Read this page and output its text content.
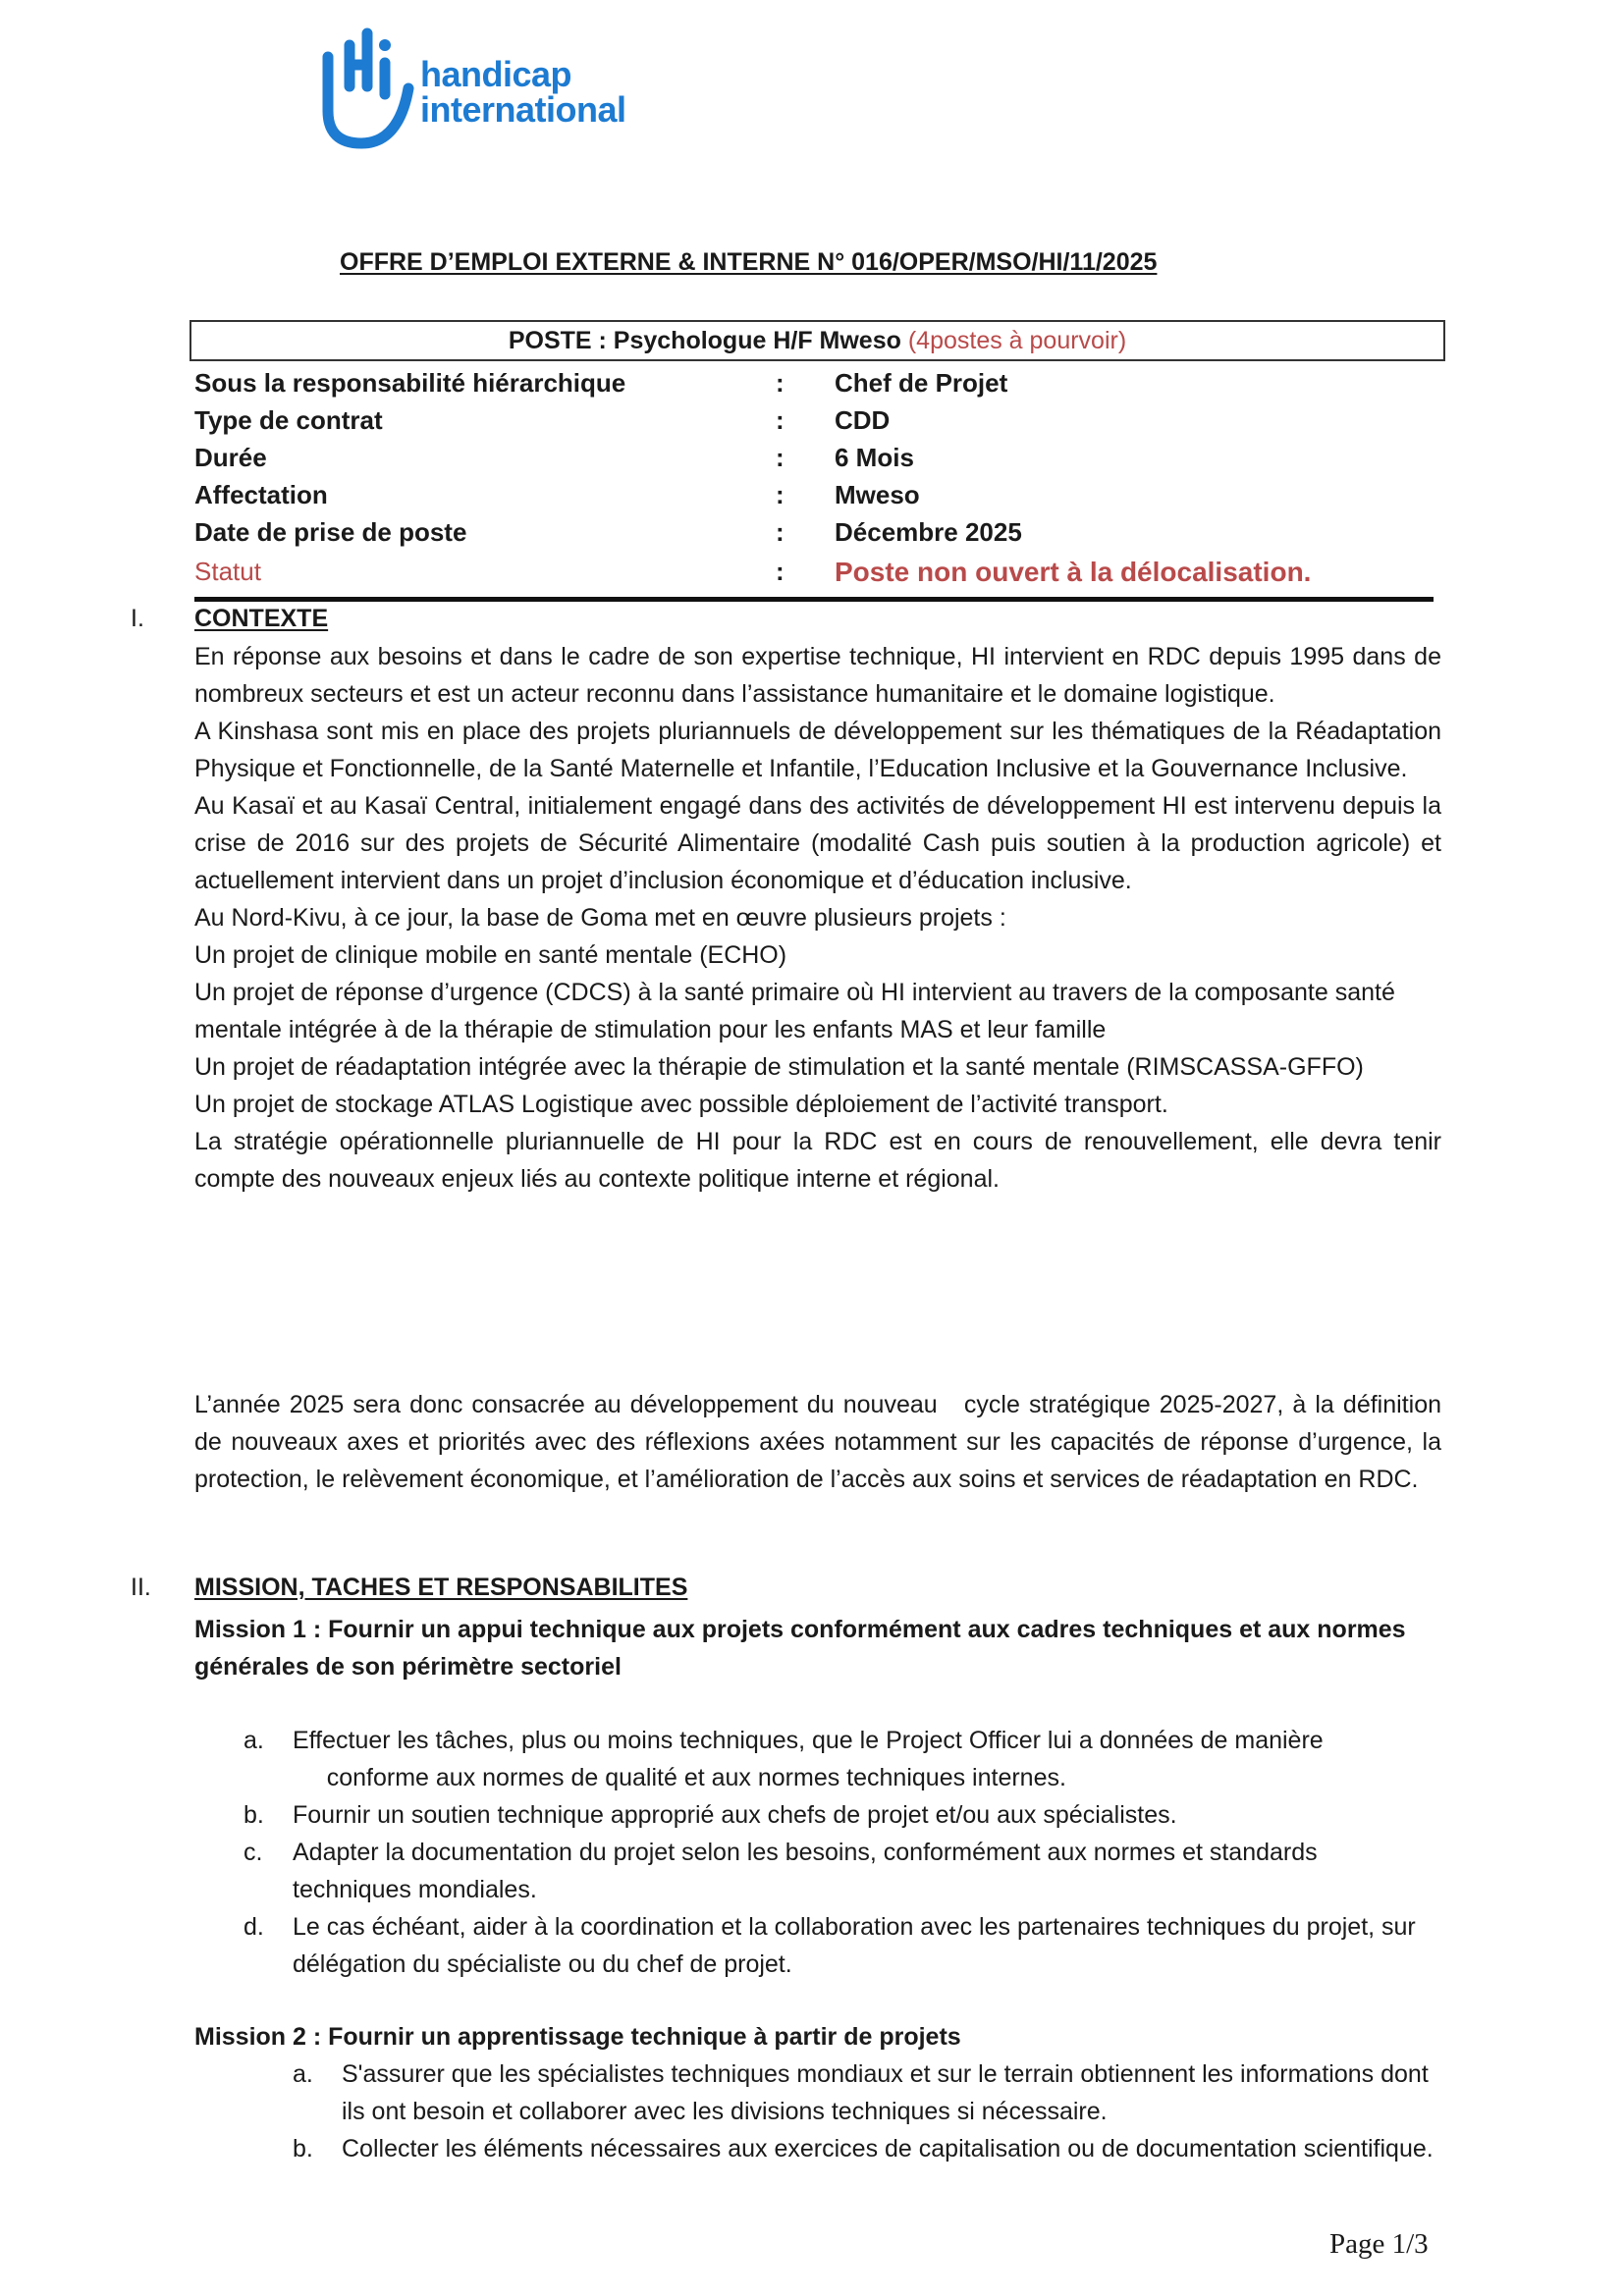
handicap
international
OFFRE D’EMPLOI EXTERNE & INTERNE N° 016/OPER/MSO/HI/11/2025
POSTE : Psychologue H/F Mweso (4postes à pourvoir)
Sous la responsabilité hiérarchique	: Chef de Projet
Type de contrat	: CDD
Durée	: 6 Mois
Affectation	: Mweso
Date de prise de poste	: Décembre 2025
Statut	: Poste non ouvert à la délocalisation.
I. CONTEXTE

En réponse aux besoins et dans le cadre de son expertise technique, HI intervient en RDC depuis 1995 dans de nombreux secteurs et est un acteur reconnu dans l’assistance humanitaire et le domaine logistique.

A Kinshasa sont mis en place des projets pluriannuels de développement sur les thématiques de la Réadaptation Physique et Fonctionnelle, de la Santé Maternelle et Infantile, l’Education Inclusive et la Gouvernance Inclusive.

Au Kasaï et au Kasaï Central, initialement engagé dans des activités de développement HI est intervenu depuis la crise de 2016 sur des projets de Sécurité Alimentaire (modalité Cash puis soutien à la production agricole) et actuellement intervient dans un projet d’inclusion économique et d’éducation inclusive.

Au Nord-Kivu, à ce jour, la base de Goma met en œuvre plusieurs projets :

Un projet de clinique mobile en santé mentale (ECHO)

Un projet de réponse d’urgence (CDCS) à la santé primaire où HI intervient au travers de la composante santé mentale intégrée à de la thérapie de stimulation pour les enfants MAS et leur famille

Un projet de réadaptation intégrée avec la thérapie de stimulation et la santé mentale (RIMSCASSA-GFFO)

Un projet de stockage ATLAS Logistique avec possible déploiement de l’activité transport.

La stratégie opérationnelle pluriannuelle de HI pour la RDC est en cours de renouvellement, elle devra tenir compte des nouveaux enjeux liés au contexte politique interne et régional.

L’année 2025 sera donc consacrée au développement du nouveau   cycle stratégique 2025-2027, à la définition de nouveaux axes et priorités avec des réflexions axées notamment sur les capacités de réponse d’urgence, la protection, le relèvement économique, et l’amélioration de l’accès aux soins et services de réadaptation en RDC.
II. MISSION, TACHES ET RESPONSABILITES
Mission 1 : Fournir un appui technique aux projets conformément aux cadres techniques et aux normes générales de son périmètre sectoriel
a. Effectuer les tâches, plus ou moins techniques, que le Project Officer lui a données de manière      conforme aux normes de qualité et aux normes techniques internes.
b. Fournir un soutien technique approprié aux chefs de projet et/ou aux spécialistes.
c. Adapter la documentation du projet selon les besoins, conformément aux normes et standards techniques mondiales.
d. Le cas échéant, aider à la coordination et la collaboration avec les partenaires techniques du projet, sur délégation du spécialiste ou du chef de projet.
Mission 2 : Fournir un apprentissage technique à partir de projets
a. S'assurer que les spécialistes techniques mondiaux et sur le terrain obtiennent les informations dont ils ont besoin et collaborer avec les divisions techniques si nécessaire.
b. Collecter les éléments nécessaires aux exercices de capitalisation ou de documentation scientifique.
Page 1/3
